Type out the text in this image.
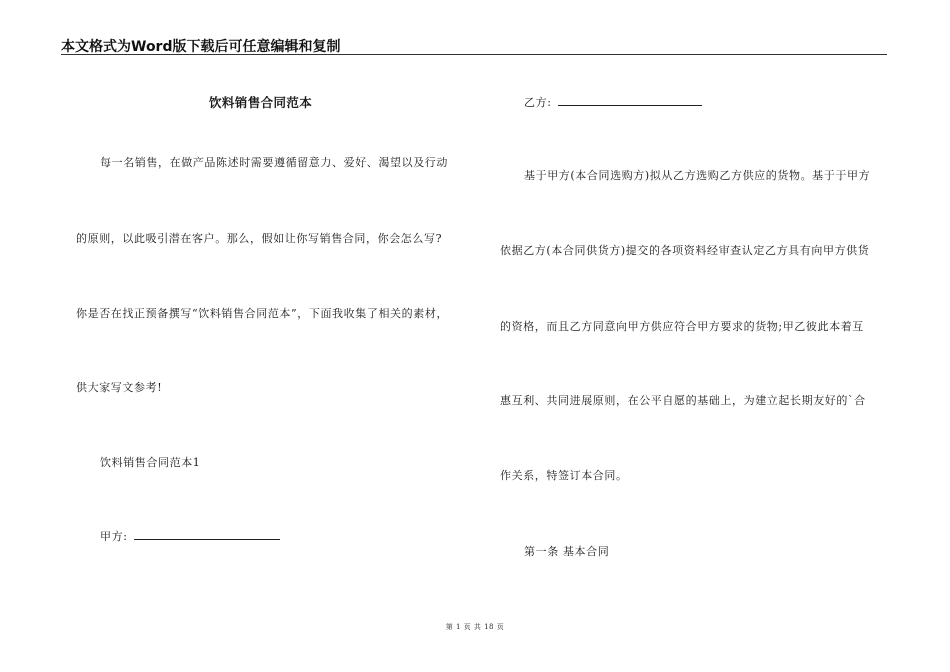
本文格式为Word版下载后可任意编辑和复制
饮料销售合同范本
每一名销售，在做产品陈述时需要遵循留意力、爱好、渴望以及行动
的原则，以此吸引潜在客户。那么，假如让你写销售合同，你会怎么写?
你是否在找正预备撰写“饮料销售合同范本”，下面我收集了相关的素材，
供大家写文参考!
饮料销售合同范本1
甲方:
乙方:
基于甲方(本合同选购方)拟从乙方选购乙方供应的货物。基于于甲方
依据乙方(本合同供货方)提交的各项资料经审查认定乙方具有向甲方供货
的资格，而且乙方同意向甲方供应符合甲方要求的货物;甲乙彼此本着互
惠互利、共同进展原则，在公平自愿的基础上，为建立起长期友好的`合
作关系，特签订本合同。
第一条 基本合同
第 1 页 共 18 页
